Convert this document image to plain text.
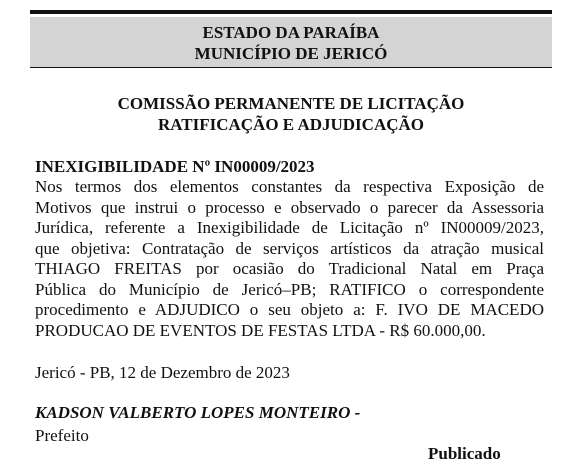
ESTADO DA PARAÍBA
MUNICÍPIO DE JERICÓ
COMISSÃO PERMANENTE DE LICITAÇÃO
RATIFICAÇÃO E ADJUDICAÇÃO
INEXIGIBILIDADE Nº IN00009/2023
Nos termos dos elementos constantes da respectiva Exposição de
Motivos que instrui o processo e observado o parecer da Assessoria
Jurídica, referente a Inexigibilidade de Licitação nº IN00009/2023,
que objetiva: Contratação de serviços artísticos da atração musical
THIAGO FREITAS por ocasião do Tradicional Natal em Praça
Pública do Município de Jericó–PB; RATIFICO o correspondente
procedimento e ADJUDICO o seu objeto a: F. IVO DE MACEDO
PRODUCAO DE EVENTOS DE FESTAS LTDA - R$ 60.000,00.
Jericó - PB, 12 de Dezembro de 2023
KADSON VALBERTO LOPES MONTEIRO -
Prefeito
Publicado
